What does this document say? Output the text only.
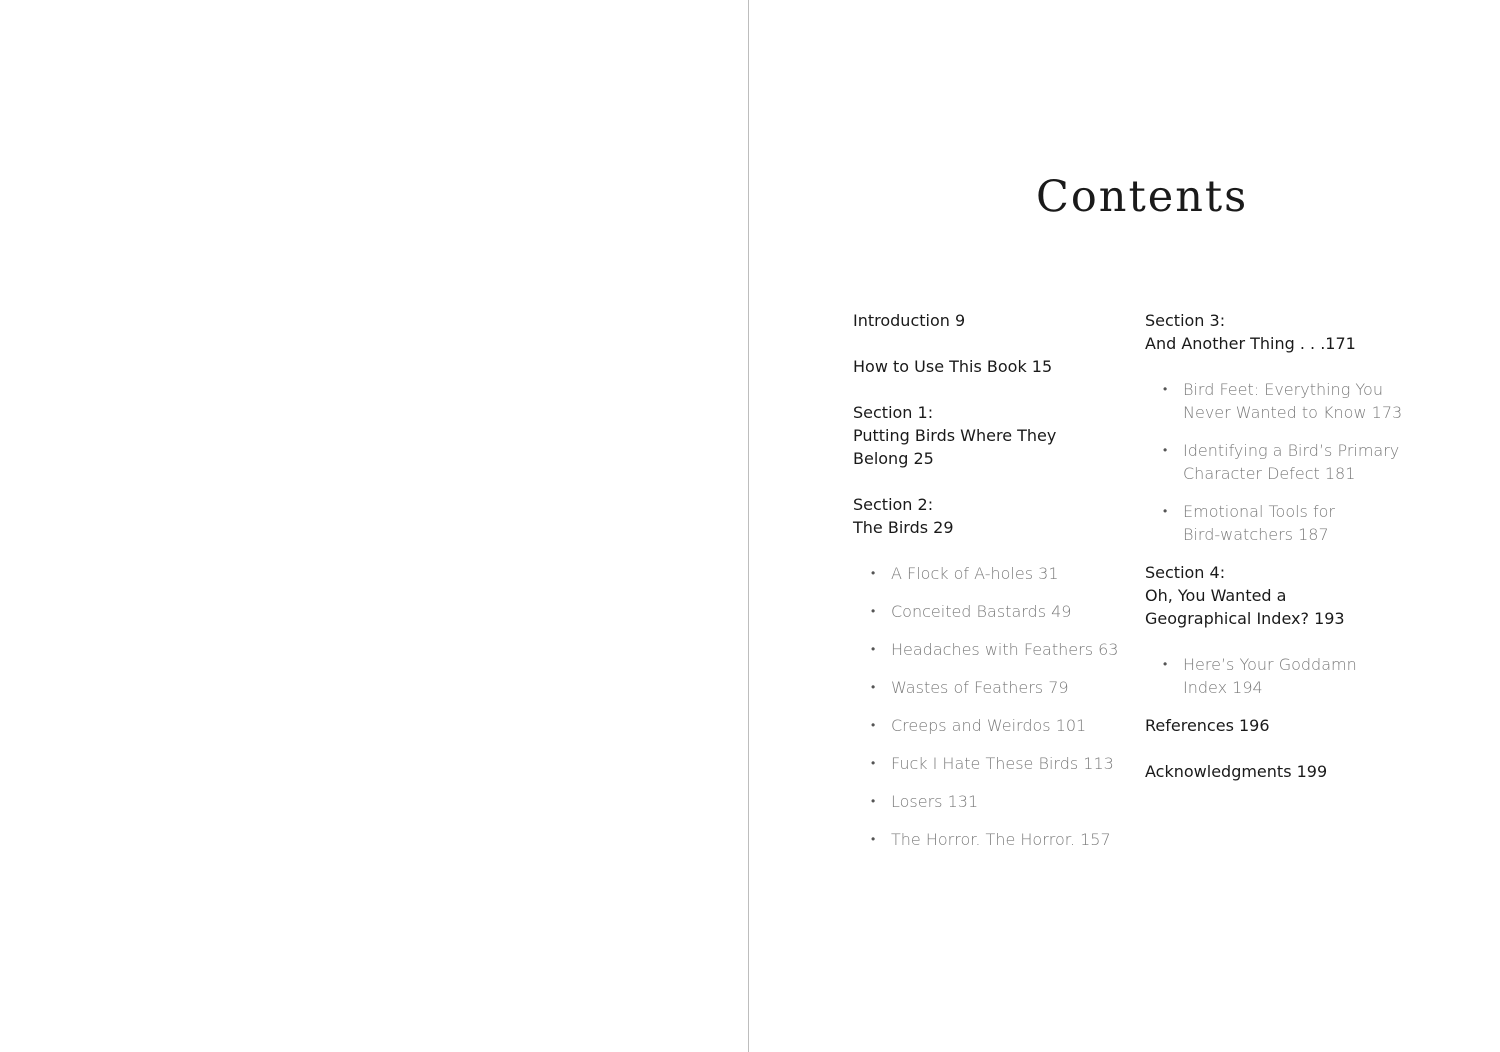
Contents
Introduction 9
How to Use This Book 15
Section 1:
Putting Birds Where They
Belong 25
Section 2:
The Birds 29
• A Flock of A-holes 31
• Conceited Bastards 49
• Headaches with Feathers 63
• Wastes of Feathers 79
• Creeps and Weirdos 101
• Fuck I Hate These Birds 113
• Losers 131
• The Horror. The Horror. 157
Section 3:
And Another Thing . . .171
• Bird Feet: Everything You
Never Wanted to Know 173
• Identifying a Bird’s Primary
Character Defect 181
• Emotional Tools for
Bird-watchers 187
Section 4:
Oh, You Wanted a
Geographical Index? 193
• Here’s Your Goddamn
Index 194
References 196
Acknowledgments 199
